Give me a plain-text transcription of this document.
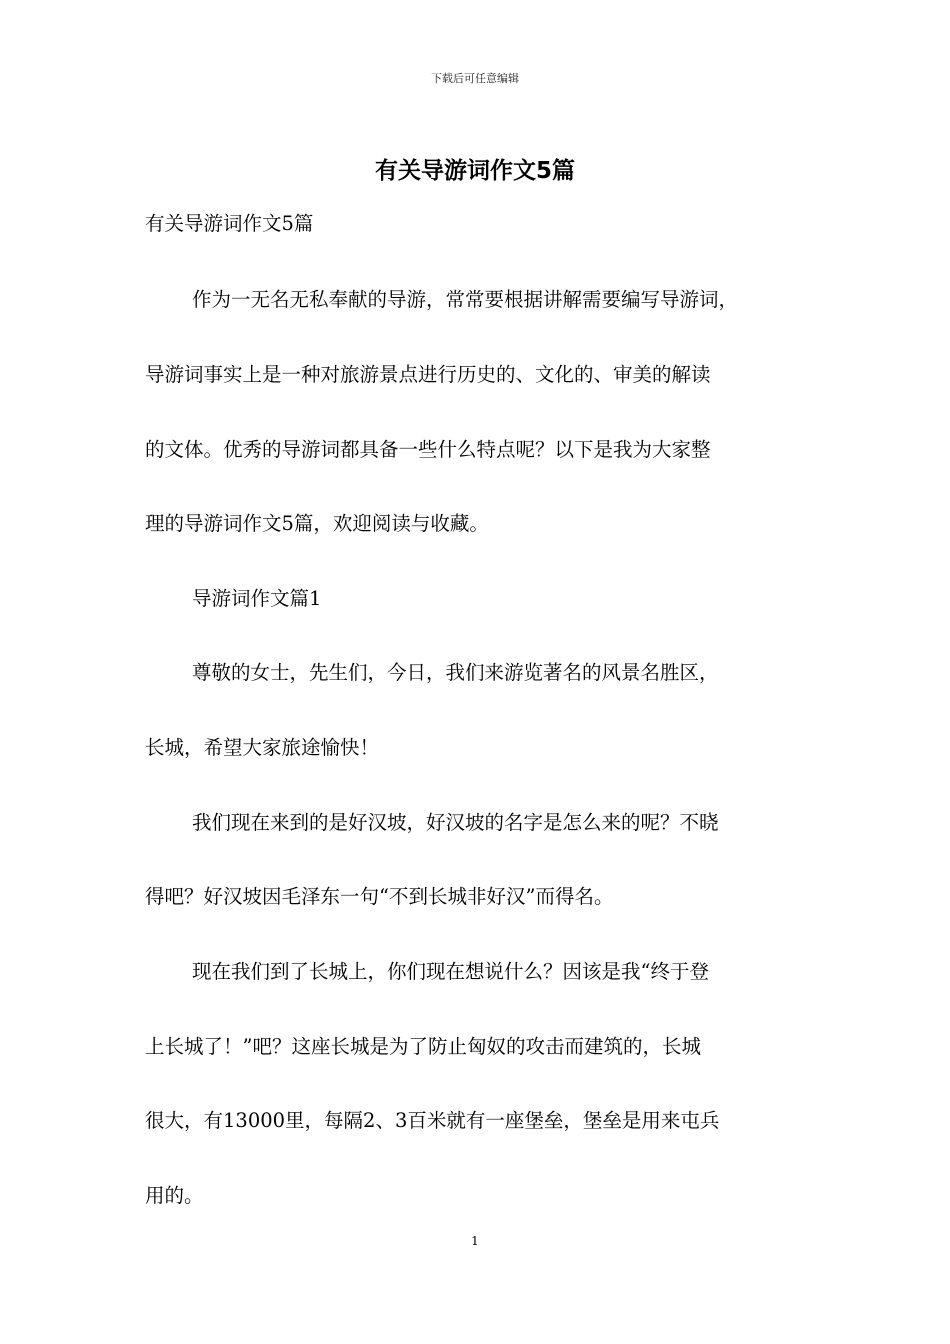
下载后可任意编辑
有关导游词作文5篇
有关导游词作文5篇
作为一无名无私奉献的导游，常常要根据讲解需要编写导游词，
导游词事实上是一种对旅游景点进行历史的、文化的、审美的解读
的文体。优秀的导游词都具备一些什么特点呢？以下是我为大家整
理的导游词作文5篇，欢迎阅读与收藏。
导游词作文篇1
尊敬的女士，先生们，今日，我们来游览著名的风景名胜区，
长城，希望大家旅途愉快！
我们现在来到的是好汉坡，好汉坡的名字是怎么来的呢？不晓
得吧？好汉坡因毛泽东一句“不到长城非好汉”而得名。
现在我们到了长城上，你们现在想说什么？因该是我“终于登
上长城了！”吧？这座长城是为了防止匈奴的攻击而建筑的，长城
很大，有13000里，每隔2、3百米就有一座堡垒，堡垒是用来屯兵
用的。
1
